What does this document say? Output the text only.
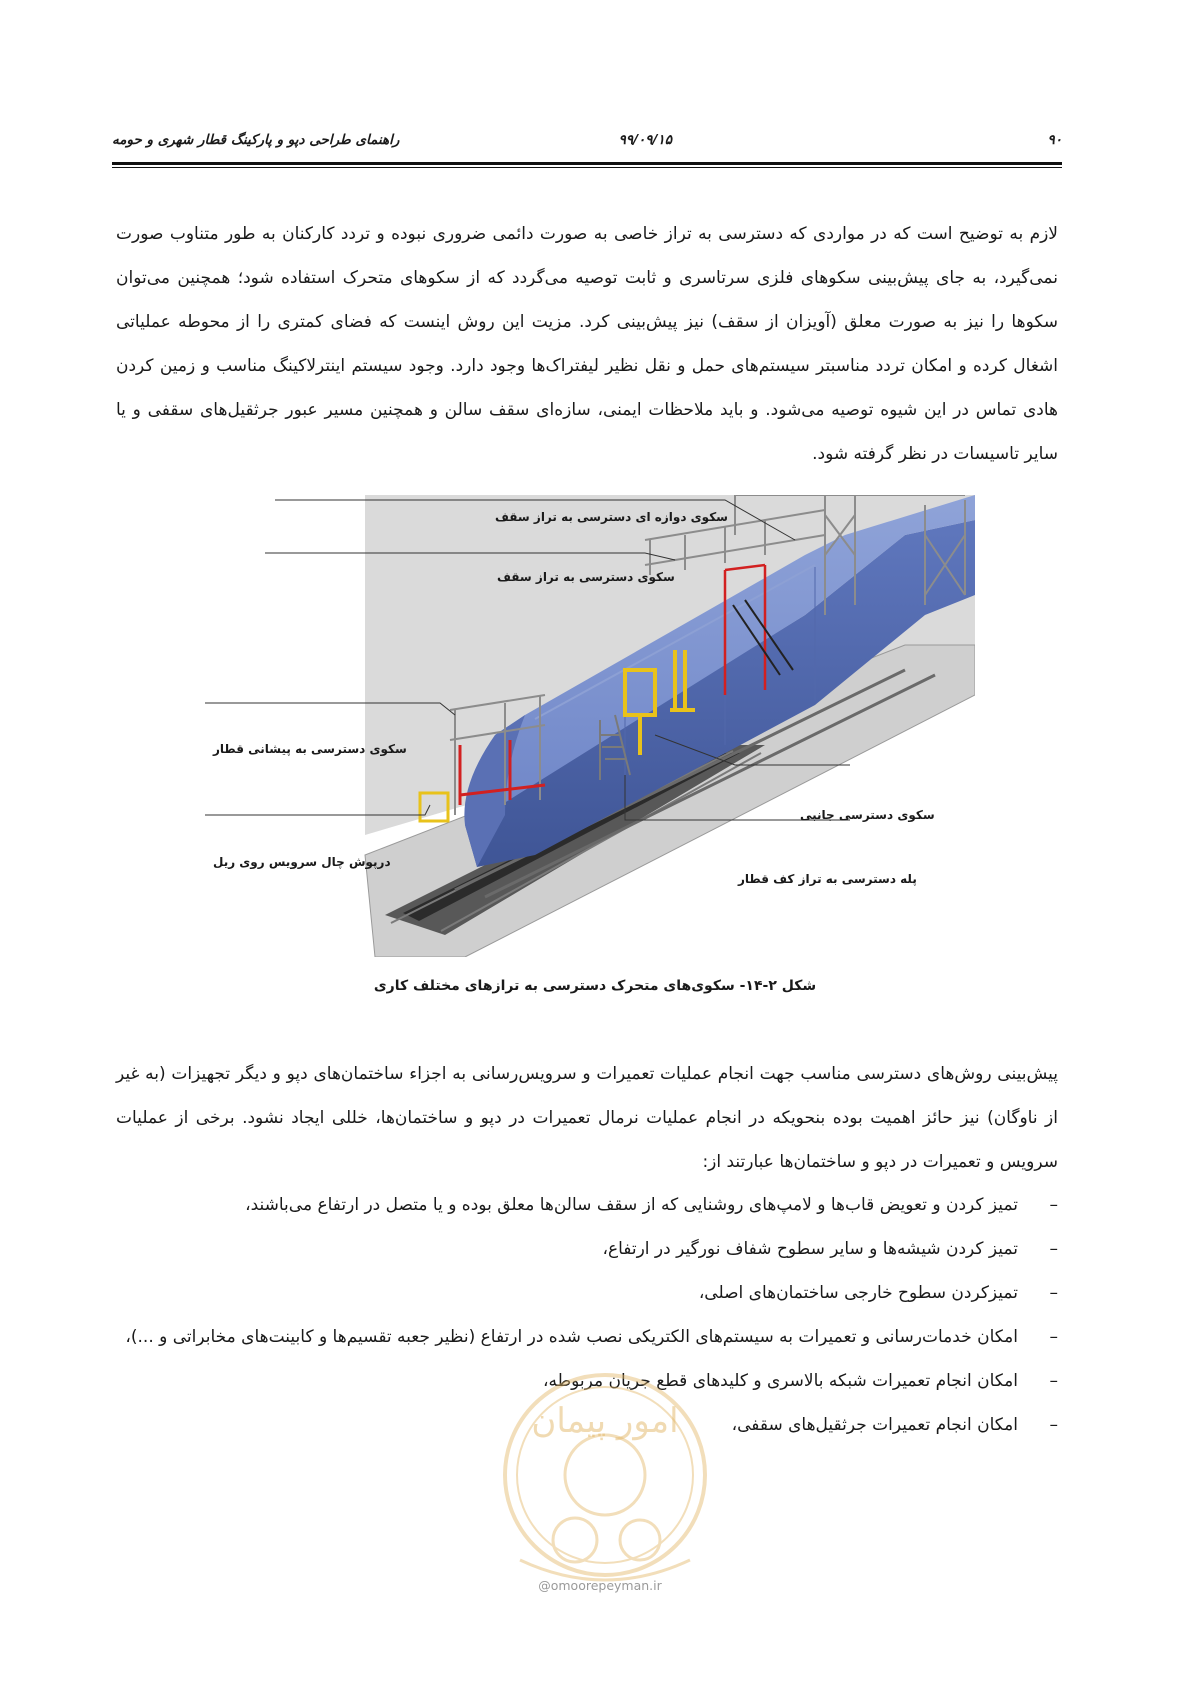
۹۰
۹۹/۰۹/۱۵
راهنمای طراحی دپو و پارکینگ قطار شهری و حومه
لازم به توضیح است که در مواردی که دسترسی به تراز خاصی به صورت دائمی ضروری نبوده و تردد کارکنان به طور متناوب صورت نمی‌گیرد، به جای پیش‌بینی سکوهای فلزی سرتاسری و ثابت توصیه می‌گردد که از سکوهای متحرک استفاده شود؛ همچنین می‌توان سکوها را نیز به صورت معلق (آویزان از سقف) نیز پیش‌بینی کرد. مزیت این روش اینست که فضای کمتری را از محوطه عملیاتی اشغال کرده و امکان تردد مناسبتر سیستم‌های حمل و نقل نظیر لیفتراک‌ها وجود دارد. وجود سیستم اینترلاکینگ مناسب و زمین کردن هادی تماس در این شیوه توصیه می‌شود. و باید ملاحظات ایمنی، سازه‌ای سقف سالن و همچنین مسیر عبور جرثقیل‌های سقفی و یا سایر تاسیسات در نظر گرفته شود.
سکوی دوازه ای دسترسی به تراز سقف
سکوی دسترسی به تراز سقف
سکوی دسترسی به پیشانی قطار
سکوی دسترسی جانبی
درپوش چال سرویس روی ریل
پله دسترسی به تراز کف قطار
شکل ۲-۱۴- سکوی‌های متحرک دسترسی به ترازهای مختلف کاری
پیش‌بینی روش‌های دسترسی مناسب جهت انجام عملیات تعمیرات و سرویس‌رسانی به اجزاء ساختمان‌های دپو و دیگر تجهیزات (به غیر از ناوگان) نیز حائز اهمیت بوده بنحویکه در انجام عملیات نرمال تعمیرات در دپو و ساختمان‌ها، خللی ایجاد نشود. برخی از عملیات سرویس و تعمیرات در دپو و ساختمان‌ها عبارتند از:
–
تمیز کردن و تعویض قاب‌ها و لامپ‌های روشنایی که از سقف سالن‌ها معلق بوده و یا متصل در ارتفاع می‌باشند،
–
تمیز کردن شیشه‌ها و سایر سطوح شفاف نورگیر در ارتفاع،
–
تمیزکردن سطوح خارجی ساختمان‌های اصلی،
–
امکان خدمات‌رسانی و تعمیرات به سیستم‌های الکتریکی نصب شده در ارتفاع (نظیر جعبه تقسیم‌ها و کابینت‌های مخابراتی و ...)،
–
امکان انجام تعمیرات شبکه بالاسری و کلیدهای قطع جریان مربوطه،
–
امکان انجام تعمیرات جرثقیل‌های سقفی،
امور پیمان
@omoorepeyman.ir
